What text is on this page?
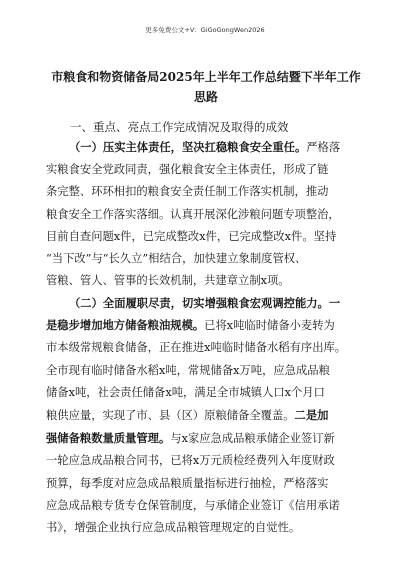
更多免费公文+V：GiGoGongWen2026
市粮食和物资储备局2025年上半年工作总结暨下半年工作
思路
一、重点、亮点工作完成情况及取得的成效
（一）压实主体责任，坚决扛稳粮食安全重任。严格落
实粮食安全党政同责，强化粮食安全主体责任，形成了链
条完整、环环相扣的粮食安全责任制工作落实机制，推动
粮食安全工作落实落细。认真开展深化涉粮问题专项整治，
目前自查问题x件，已完成整改x件，已完成整改x件。坚持
“当下改”与“长久立”相结合，加快建立象制度管权、
管粮、管人、管事的长效机制，共建章立制x项。
（二）全面履职尽责，切实增强粮食宏观调控能力。一
是稳步增加地方储备粮油规模。已将x吨临时储备小麦转为
市本级常规粮食储备，正在推进x吨临时储备水稻有序出库。
全市现有临时储备水稻x吨，常规储备x万吨，应急成品粮
储备x吨，社会责任储备x吨，满足全市城镇人口x个月口
粮供应量，实现了市、县（区）原粮储备全覆盖。二是加
强储备粮数量质量管理。与x家应急成品粮承储企业签订新
一轮应急成品粮合同书，已将x万元质检经费列入年度财政
预算，每季度对应急成品粮质量指标进行抽检，严格落实
应急成品粮专货专仓保管制度，与承储企业签订《信用承诺
书》，增强企业执行应急成品粮管理规定的自觉性。
